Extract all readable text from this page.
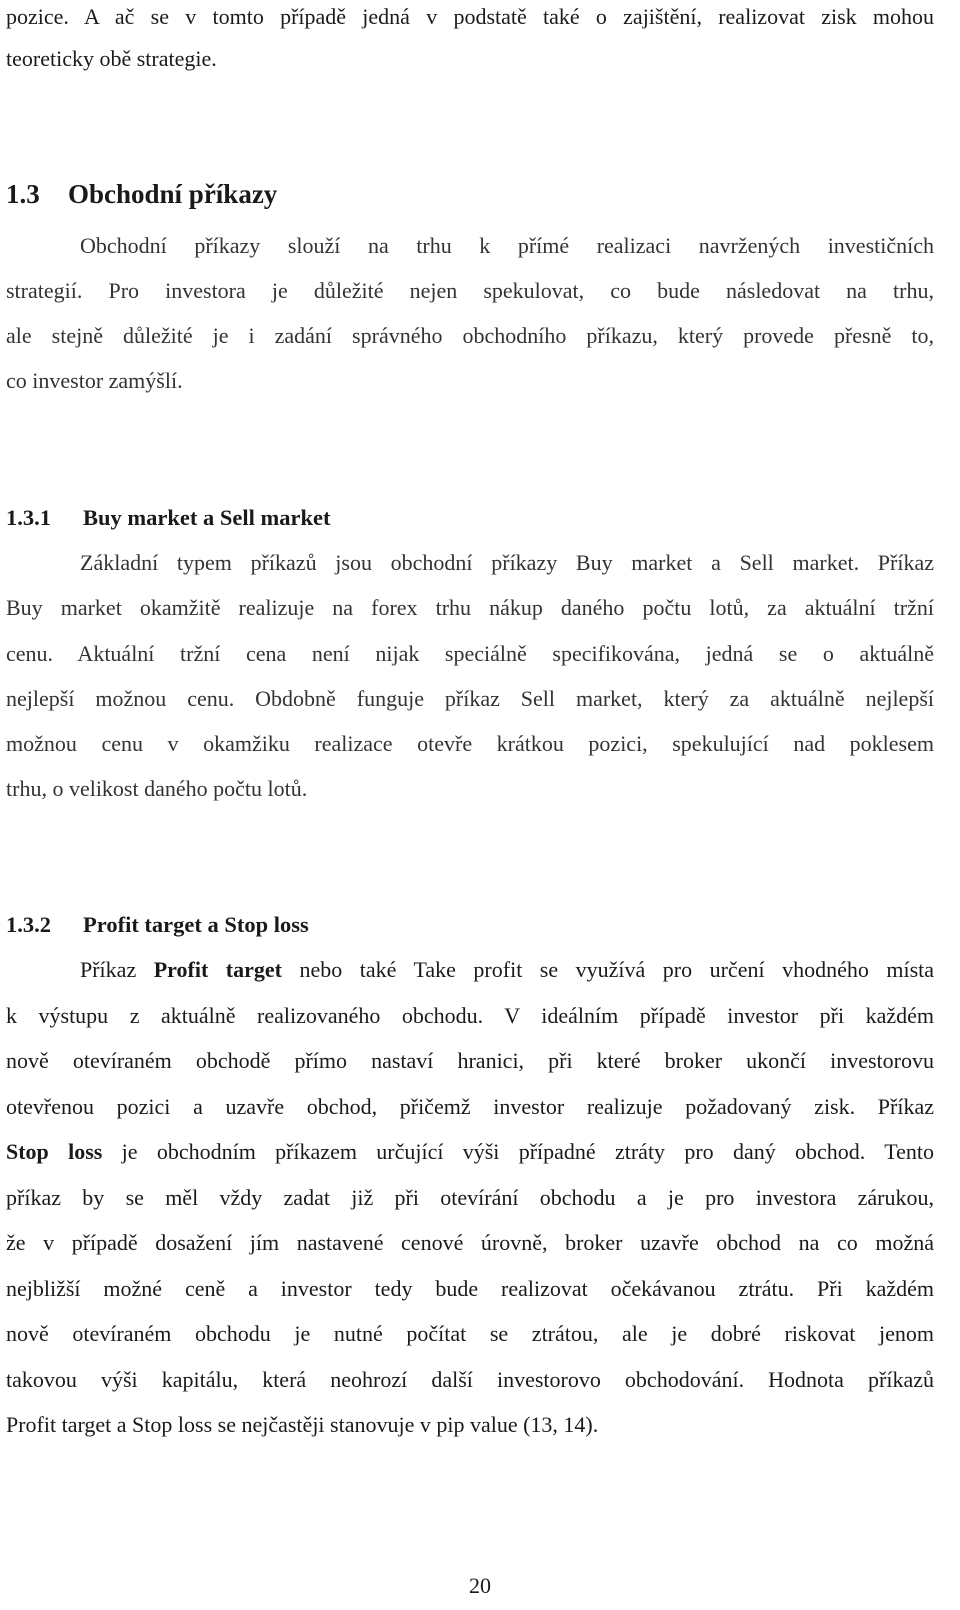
pozice. A ač se v tomto případě jedná v podstatě také o zajištění, realizovat zisk mohou

teoreticky obě strategie.

1.3 Obchodní příkazy

Obchodní příkazy slouží na trhu k přímé realizaci navržených investičních

strategií. Pro investora je důležité nejen spekulovat, co bude následovat na trhu,

ale stejně důležité je i zadání správného obchodního příkazu, který provede přesně to,

co investor zamýšlí.

1.3.1 Buy market a Sell market

Základní typem příkazů jsou obchodní příkazy Buy market a Sell market. Příkaz

Buy market okamžitě realizuje na forex trhu nákup daného počtu lotů, za aktuální tržní

cenu. Aktuální tržní cena není nijak speciálně specifikována, jedná se o aktuálně

nejlepší možnou cenu. Obdobně funguje příkaz Sell market, který za aktuálně nejlepší

možnou cenu v okamžiku realizace otevře krátkou pozici, spekulující nad poklesem

trhu, o velikost daného počtu lotů.

1.3.2 Profit target a Stop loss

Příkaz Profit target nebo také Take profit se využívá pro určení vhodného místa

k výstupu z aktuálně realizovaného obchodu. V ideálním případě investor při každém

nově otevíraném obchodě přímo nastaví hranici, při které broker ukončí investorovu

otevřenou pozici a uzavře obchod, přičemž investor realizuje požadovaný zisk. Příkaz

Stop loss je obchodním příkazem určující výši případné ztráty pro daný obchod. Tento

příkaz by se měl vždy zadat již při otevírání obchodu a je pro investora zárukou,

že v případě dosažení jím nastavené cenové úrovně, broker uzavře obchod na co možná

nejbližší možné ceně a investor tedy bude realizovat očekávanou ztrátu. Při každém

nově otevíraném obchodu je nutné počítat se ztrátou, ale je dobré riskovat jenom

takovou výši kapitálu, která neohrozí další investorovo obchodování. Hodnota příkazů

Profit target a Stop loss se nejčastěji stanovuje v pip value (13, 14).

20
